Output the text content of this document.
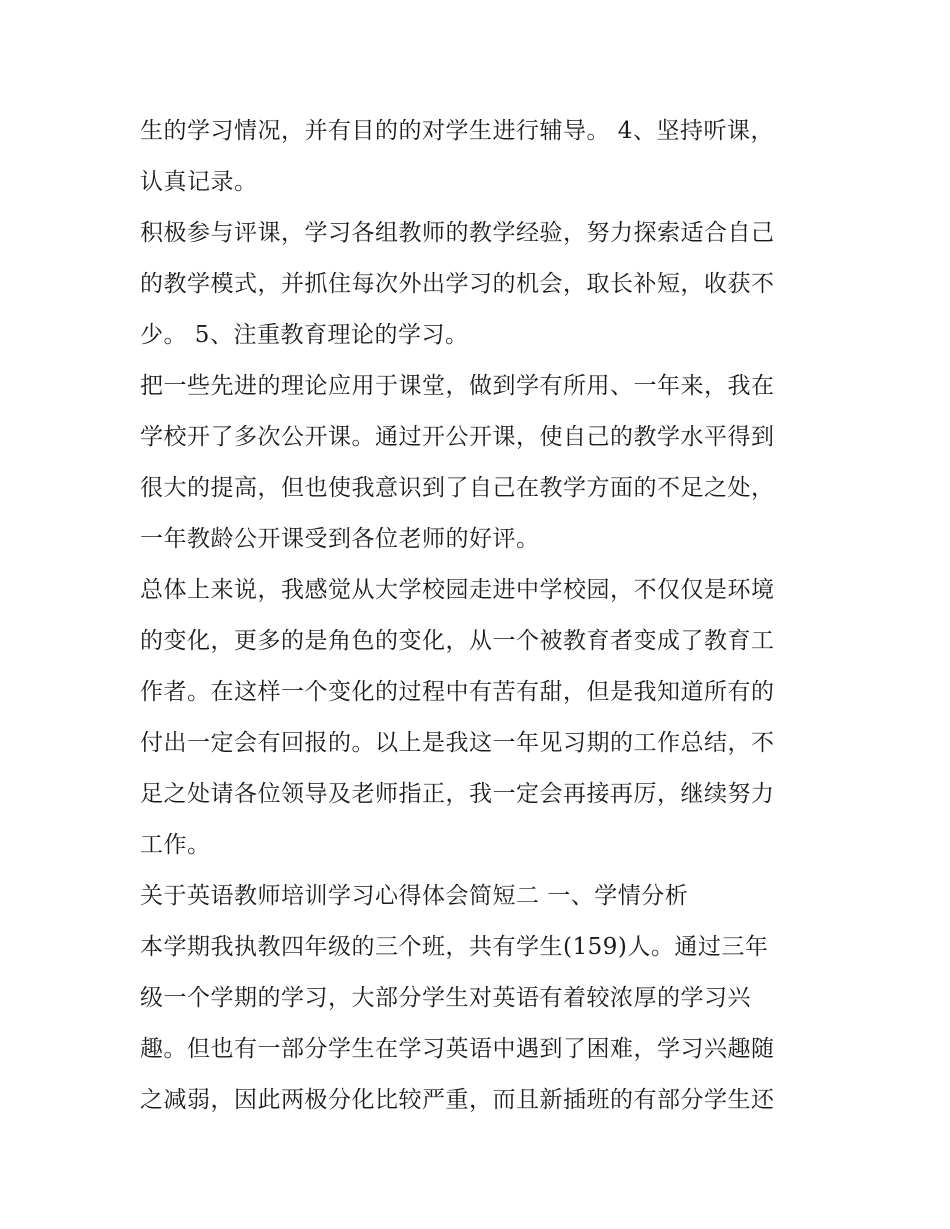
生的学习情况，并有目的的对学生进行辅导。 4、坚持听课，
认真记录。
积极参与评课，学习各组教师的教学经验，努力探索适合自己
的教学模式，并抓住每次外出学习的机会，取长补短，收获不
少。 5、注重教育理论的学习。
把一些先进的理论应用于课堂，做到学有所用、一年来，我在
学校开了多次公开课。通过开公开课，使自己的教学水平得到
很大的提高，但也使我意识到了自己在教学方面的不足之处，
一年教龄公开课受到各位老师的好评。
总体上来说，我感觉从大学校园走进中学校园，不仅仅是环境
的变化，更多的是角色的变化，从一个被教育者变成了教育工
作者。在这样一个变化的过程中有苦有甜，但是我知道所有的
付出一定会有回报的。以上是我这一年见习期的工作总结，不
足之处请各位领导及老师指正，我一定会再接再厉，继续努力
工作。
关于英语教师培训学习心得体会简短二 一、学情分析
本学期我执教四年级的三个班，共有学生(159)人。通过三年
级一个学期的学习，大部分学生对英语有着较浓厚的学习兴
趣。但也有一部分学生在学习英语中遇到了困难，学习兴趣随
之减弱，因此两极分化比较严重，而且新插班的有部分学生还
